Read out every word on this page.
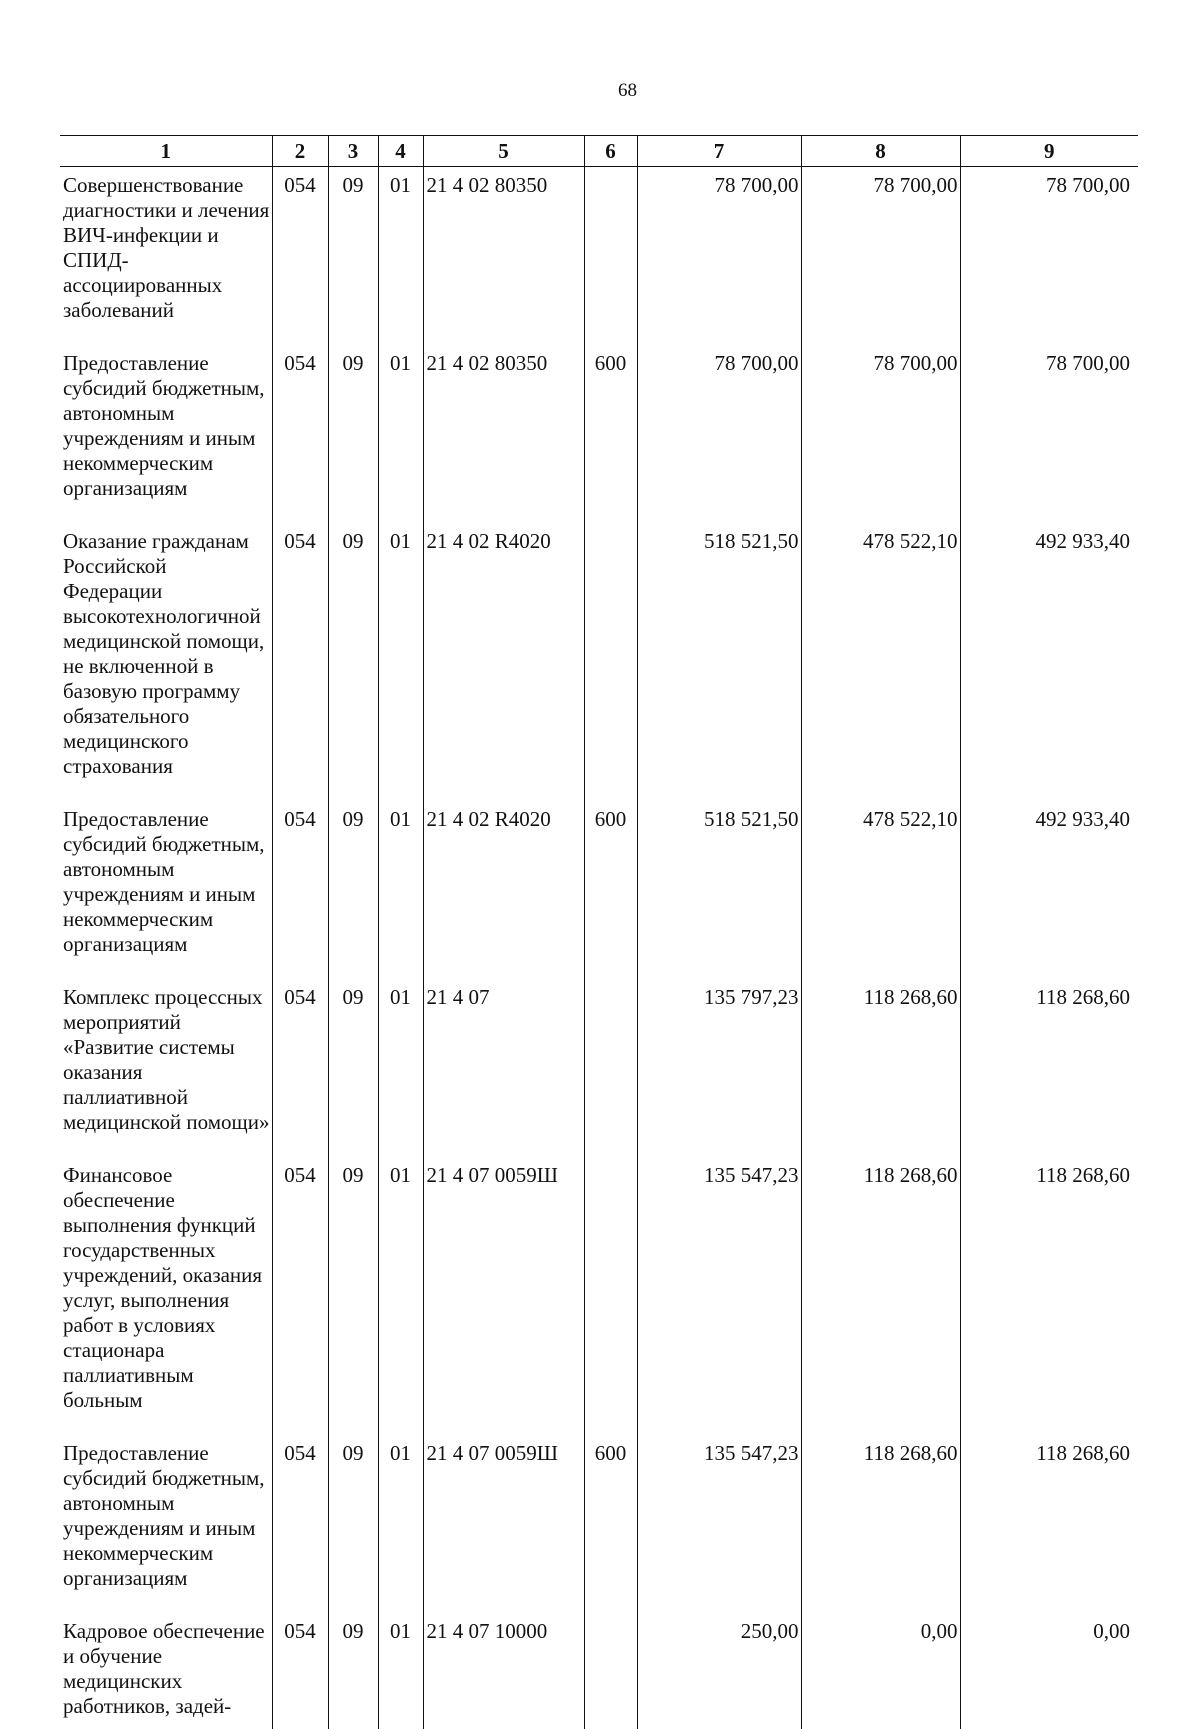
68
1	2	3	4	5	6	7	8	9
Совершенствование диагностики и лечения ВИЧ-инфекции и СПИД-ассоциированных заболеваний	054	09	01	21 4 02 80350		78 700,00	78 700,00	78 700,00
Предоставление субсидий бюджетным, автономным учреждениям и иным некоммерческим организациям	054	09	01	21 4 02 80350	600	78 700,00	78 700,00	78 700,00
Оказание гражданам Российской Федерации высокотехнологичной медицинской помощи, не включенной в базовую программу обязательного медицинского страхования	054	09	01	21 4 02 R4020		518 521,50	478 522,10	492 933,40
Предоставление субсидий бюджетным, автономным учреждениям и иным некоммерческим организациям	054	09	01	21 4 02 R4020	600	518 521,50	478 522,10	492 933,40
Комплекс процессных мероприятий «Развитие системы оказания паллиативной медицинской помощи»	054	09	01	21 4 07		135 797,23	118 268,60	118 268,60
Финансовое обеспечение выполнения функций государственных учреждений, оказания услуг, выполнения работ в условиях стационара паллиативным больным	054	09	01	21 4 07 0059Ш		135 547,23	118 268,60	118 268,60
Предоставление субсидий бюджетным, автономным учреждениям и иным некоммерческим организациям	054	09	01	21 4 07 0059Ш	600	135 547,23	118 268,60	118 268,60
Кадровое обеспечение и обучение медицинских работников, задей-	054	09	01	21 4 07 10000		250,00	0,00	0,00
